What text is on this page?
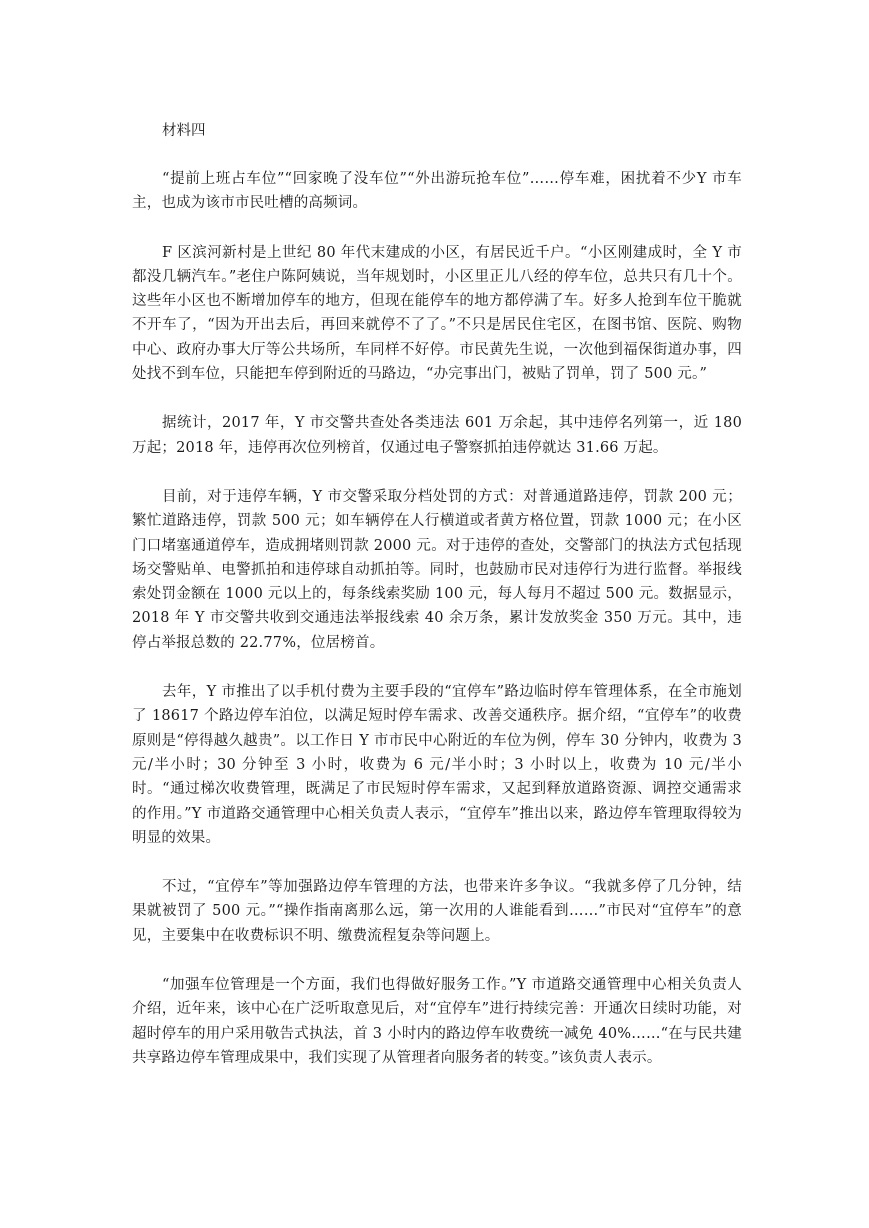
材料四

“提前上班占车位”“回家晚了没车位”“外出游玩抢车位”……停车难，困扰着不少Y 市车主，也成为该市市民吐槽的高频词。

F 区滨河新村是上世纪 80 年代末建成的小区，有居民近千户。“小区刚建成时，全 Y 市都没几辆汽车。”老住户陈阿姨说，当年规划时，小区里正儿八经的停车位，总共只有几十个。这些年小区也不断增加停车的地方，但现在能停车的地方都停满了车。好多人抢到车位干脆就不开车了，“因为开出去后，再回来就停不了了。”不只是居民住宅区，在图书馆、医院、购物中心、政府办事大厅等公共场所，车同样不好停。市民黄先生说，一次他到福保街道办事，四处找不到车位，只能把车停到附近的马路边，“办完事出门，被贴了罚单，罚了 500 元。”

据统计，2017 年，Y 市交警共查处各类违法 601 万余起，其中违停名列第一，近 180 万起；2018 年，违停再次位列榜首，仅通过电子警察抓拍违停就达 31.66 万起。

目前，对于违停车辆，Y 市交警采取分档处罚的方式：对普通道路违停，罚款 200 元；繁忙道路违停，罚款 500 元；如车辆停在人行横道或者黄方格位置，罚款 1000 元；在小区门口堵塞通道停车，造成拥堵则罚款 2000 元。对于违停的查处，交警部门的执法方式包括现场交警贴单、电警抓拍和违停球自动抓拍等。同时，也鼓励市民对违停行为进行监督。举报线索处罚金额在 1000 元以上的，每条线索奖励 100 元，每人每月不超过 500 元。数据显示，2018 年 Y 市交警共收到交通违法举报线索 40 余万条，累计发放奖金 350 万元。其中，违停占举报总数的 22.77%，位居榜首。

去年，Y 市推出了以手机付费为主要手段的“宜停车”路边临时停车管理体系，在全市施划了 18617 个路边停车泊位，以满足短时停车需求、改善交通秩序。据介绍，“宜停车”的收费原则是“停得越久越贵”。以工作日 Y 市市民中心附近的车位为例，停车 30 分钟内，收费为 3 元/半小时；30 分钟至 3 小时，收费为 6 元/半小时；3 小时以上，收费为 10 元/半小时。“通过梯次收费管理，既满足了市民短时停车需求，又起到释放道路资源、调控交通需求的作用。”Y 市道路交通管理中心相关负责人表示，“宜停车”推出以来，路边停车管理取得较为明显的效果。

不过，“宜停车”等加强路边停车管理的方法，也带来许多争议。“我就多停了几分钟，结果就被罚了 500 元。”“操作指南离那么远，第一次用的人谁能看到……”市民对“宜停车”的意见，主要集中在收费标识不明、缴费流程复杂等问题上。

“加强车位管理是一个方面，我们也得做好服务工作。”Y 市道路交通管理中心相关负责人介绍，近年来，该中心在广泛听取意见后，对“宜停车”进行持续完善：开通次日续时功能，对超时停车的用户采用敬告式执法，首 3 小时内的路边停车收费统一减免 40%……“在与民共建共享路边停车管理成果中，我们实现了从管理者向服务者的转变。”该负责人表示。
